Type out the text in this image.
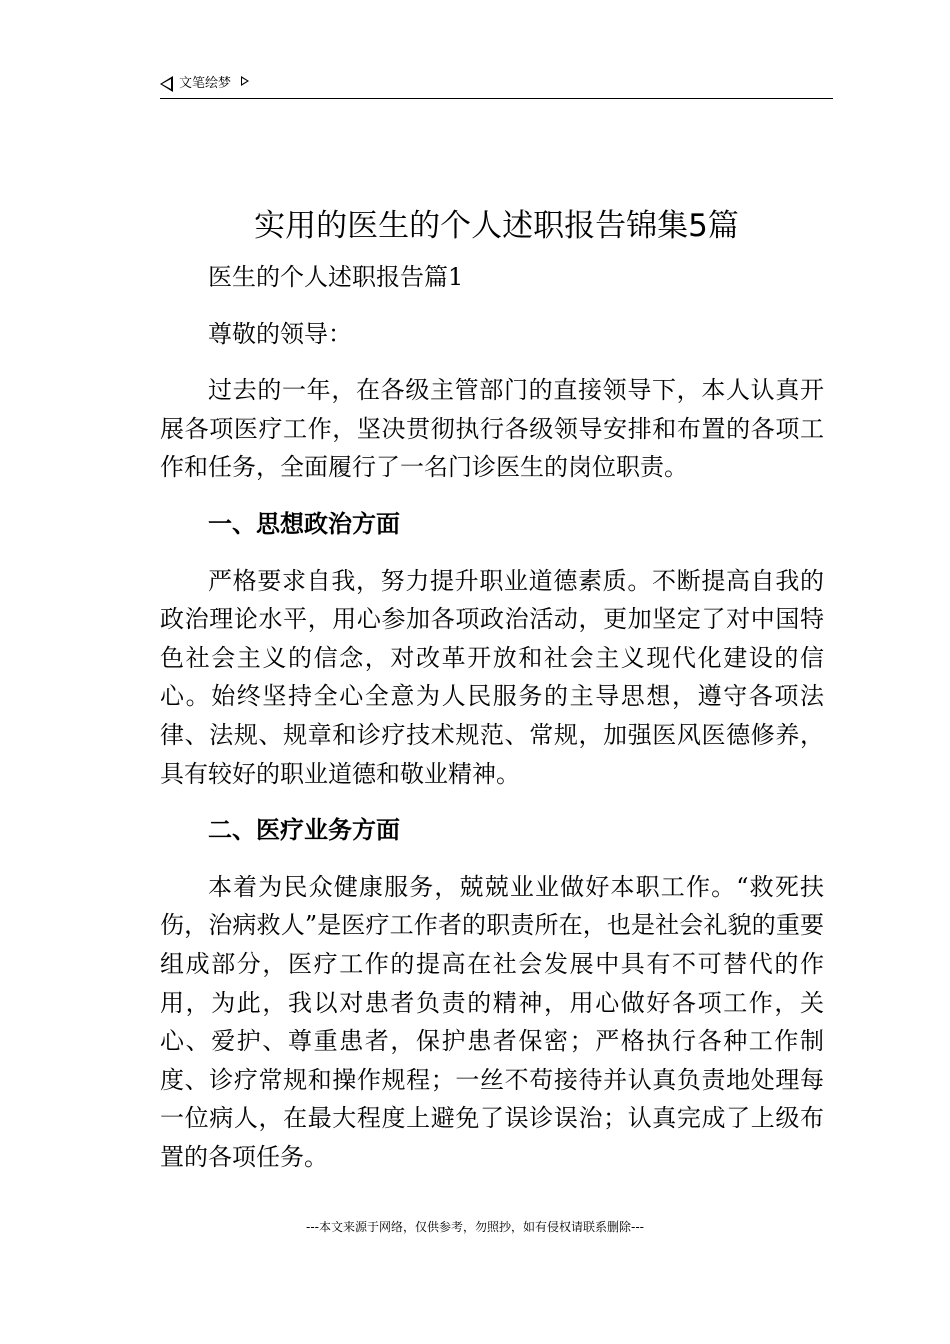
文笔绘梦
实用的医生的个人述职报告锦集5篇

医生的个人述职报告篇1

尊敬的领导：

过去的一年，在各级主管部门的直接领导下，本人认真开展各项医疗工作，坚决贯彻执行各级领导安排和布置的各项工作和任务，全面履行了一名门诊医生的岗位职责。

一、思想政治方面

严格要求自我，努力提升职业道德素质。不断提高自我的政治理论水平，用心参加各项政治活动，更加坚定了对中国特色社会主义的信念，对改革开放和社会主义现代化建设的信心。始终坚持全心全意为人民服务的主导思想，遵守各项法律、法规、规章和诊疗技术规范、常规，加强医风医德修养，具有较好的职业道德和敬业精神。

二、医疗业务方面

本着为民众健康服务，兢兢业业做好本职工作。“救死扶伤，治病救人”是医疗工作者的职责所在，也是社会礼貌的重要组成部分，医疗工作的提高在社会发展中具有不可替代的作用，为此，我以对患者负责的精神，用心做好各项工作，关心、爱护、尊重患者，保护患者保密；严格执行各种工作制度、诊疗常规和操作规程；一丝不苟接待并认真负责地处理每一位病人，在最大程度上避免了误诊误治；认真完成了上级布置的各项任务。

---本文来源于网络，仅供参考，勿照抄，如有侵权请联系删除---
